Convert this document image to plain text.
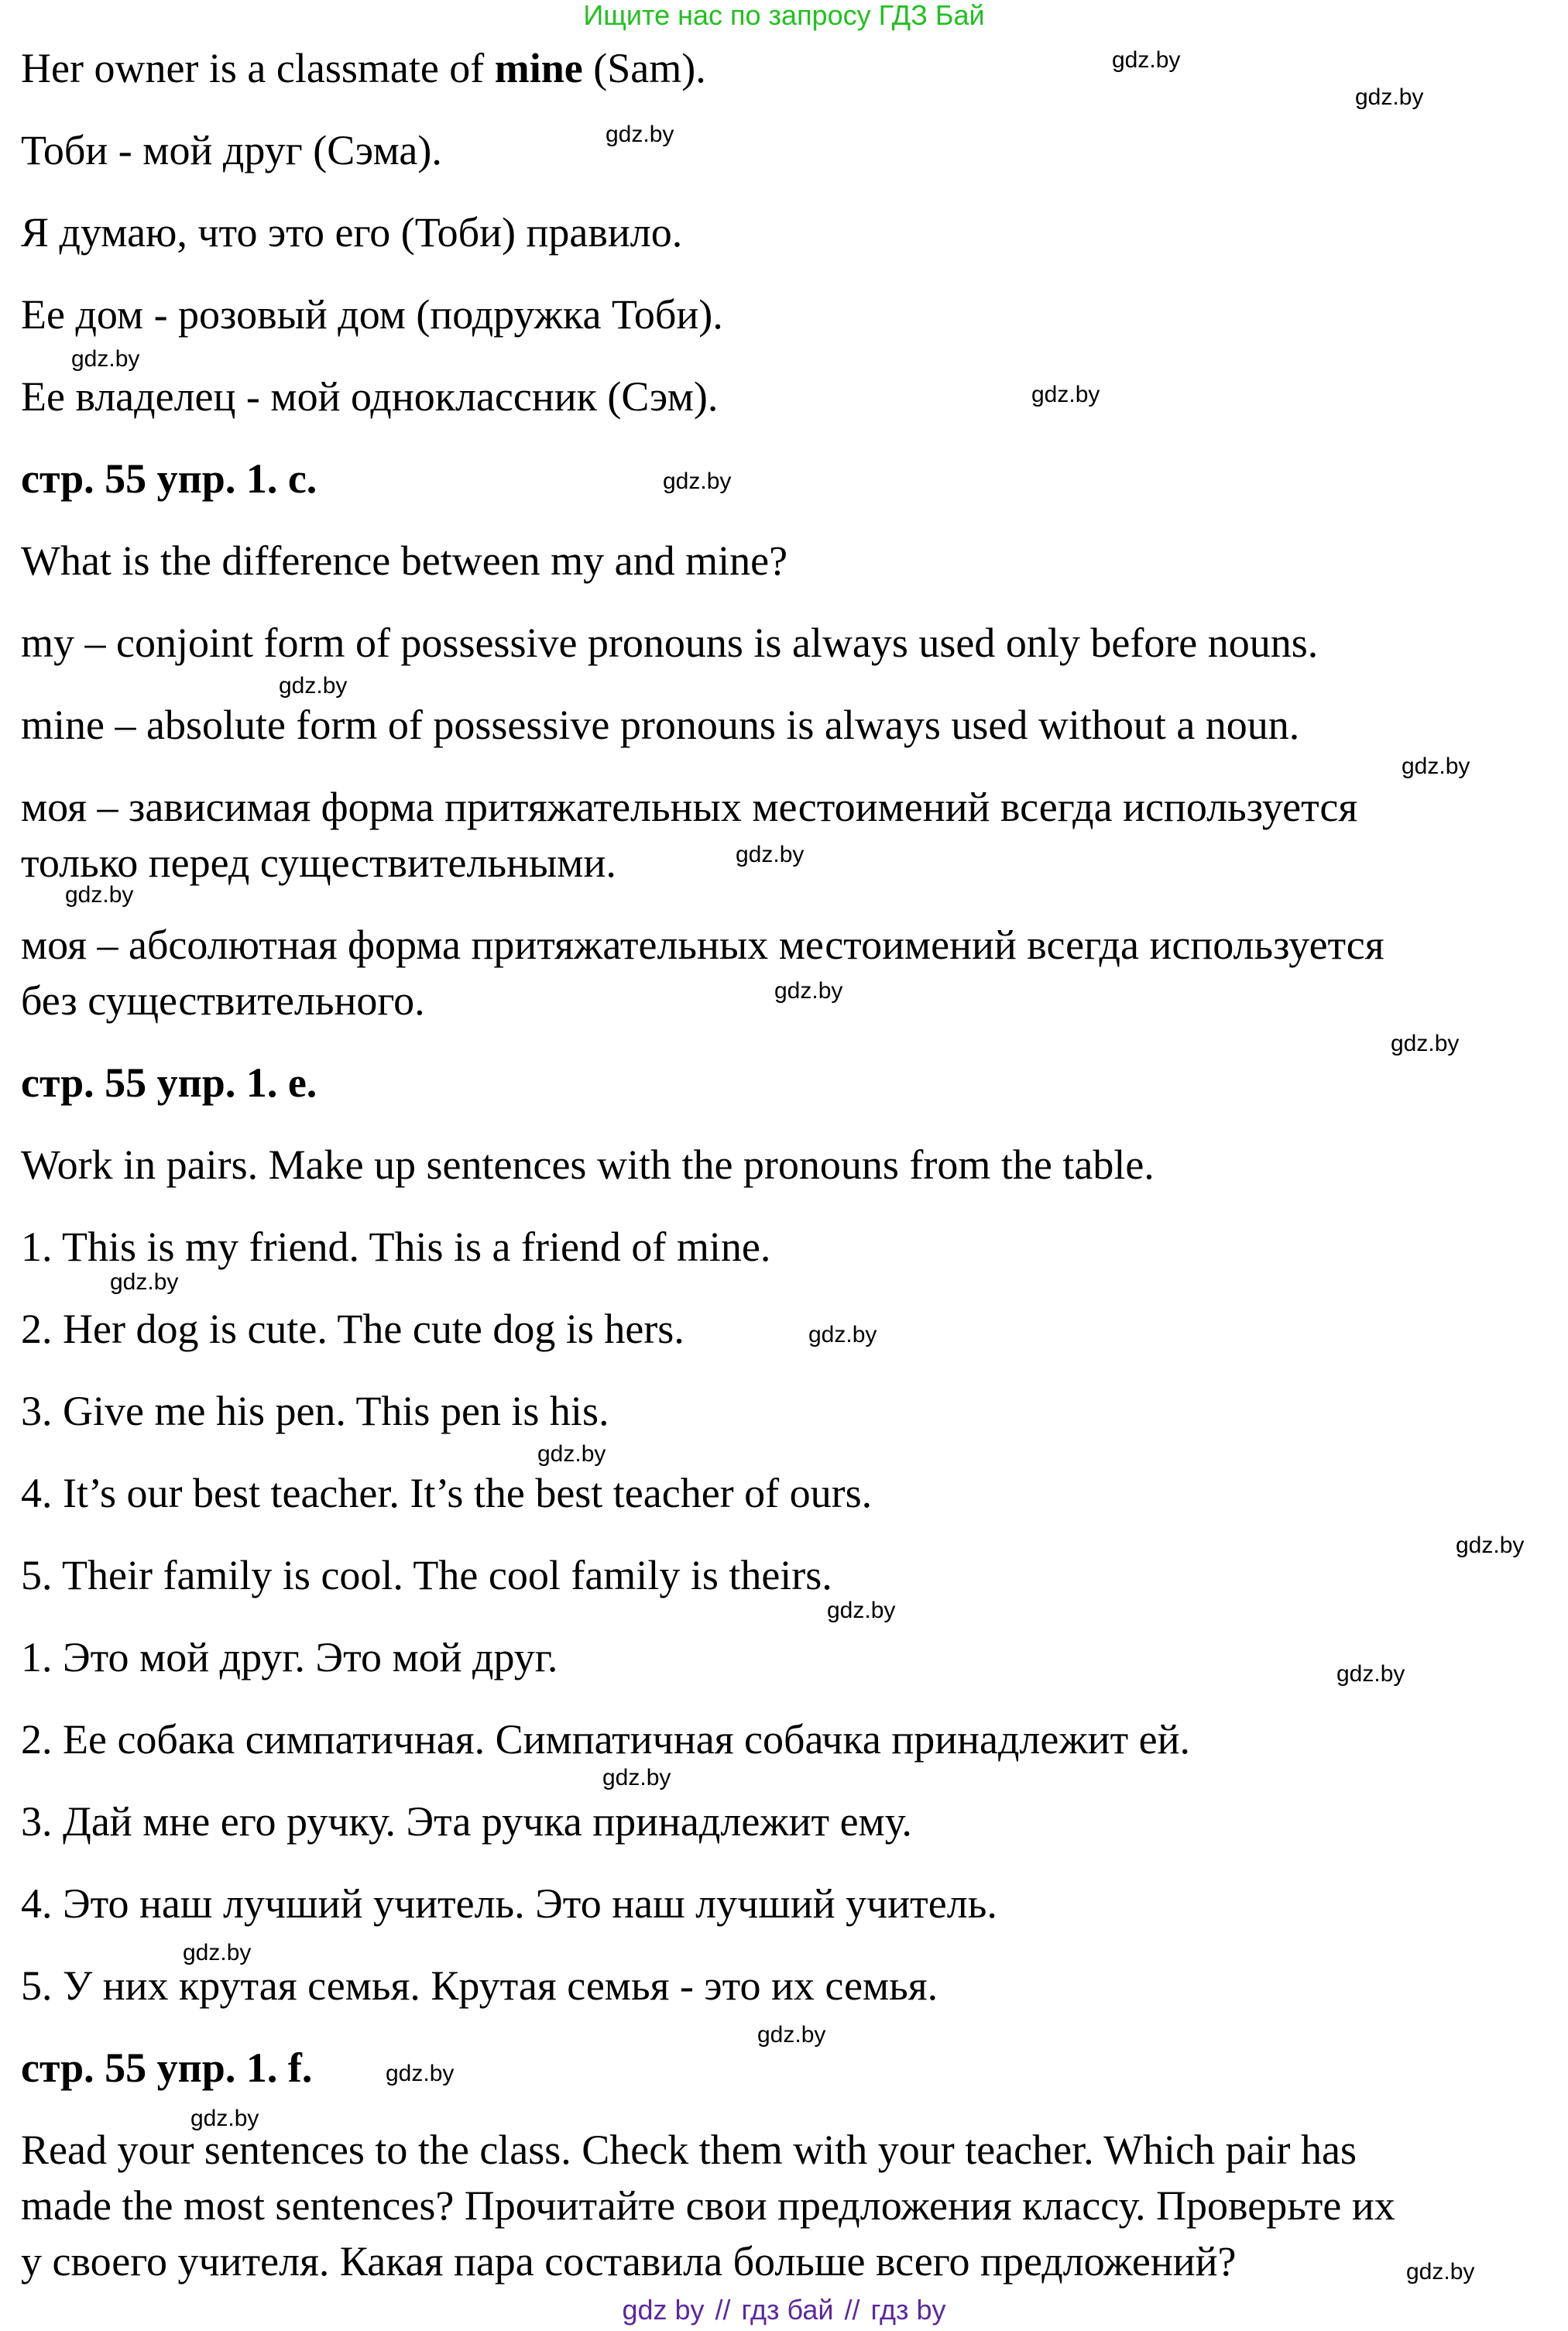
Ищите нас по запросу ГДЗ Бай
Her owner is a classmate of mine (Sam).
Тоби - мой друг (Сэма).
Я думаю, что это его (Тоби) правило.
Ее дом - розовый дом (подружка Тоби).
Ее владелец - мой одноклассник (Сэм).
стр. 55 упр. 1. c.
What is the difference between my and mine?
my – conjoint form of possessive pronouns is always used only before nouns.
mine – absolute form of possessive pronouns is always used without a noun.
моя – зависимая форма притяжательных местоимений всегда используется
только перед существительными.
моя – абсолютная форма притяжательных местоимений всегда используется
без существительного.
стр. 55 упр. 1. e.
Work in pairs. Make up sentences with the pronouns from the table.
1. This is my friend. This is a friend of mine.
2. Her dog is cute. The cute dog is hers.
3. Give me his pen. This pen is his.
4. It’s our best teacher. It’s the best teacher of ours.
5. Their family is cool. The cool family is theirs.
1. Это мой друг. Это мой друг.
2. Ее собака симпатичная. Симпатичная собачка принадлежит ей.
3. Дай мне его ручку. Эта ручка принадлежит ему.
4. Это наш лучший учитель. Это наш лучший учитель.
5. У них крутая семья. Крутая семья - это их семья.
стр. 55 упр. 1. f.
Read your sentences to the class. Check them with your teacher. Which pair has
made the most sentences? Прочитайте свои предложения классу. Проверьте их
у своего учителя. Какая пара составила больше всего предложений?
gdz.by
gdz.by
gdz.by
gdz.by
gdz.by
gdz.by
gdz.by
gdz.by
gdz.by
gdz.by
gdz.by
gdz.by
gdz.by
gdz.by
gdz.by
gdz.by
gdz.by
gdz.by
gdz.by
gdz.by
gdz.by
gdz.by
gdz.by
gdz.by
gdz by // гдз бай // гдз by
